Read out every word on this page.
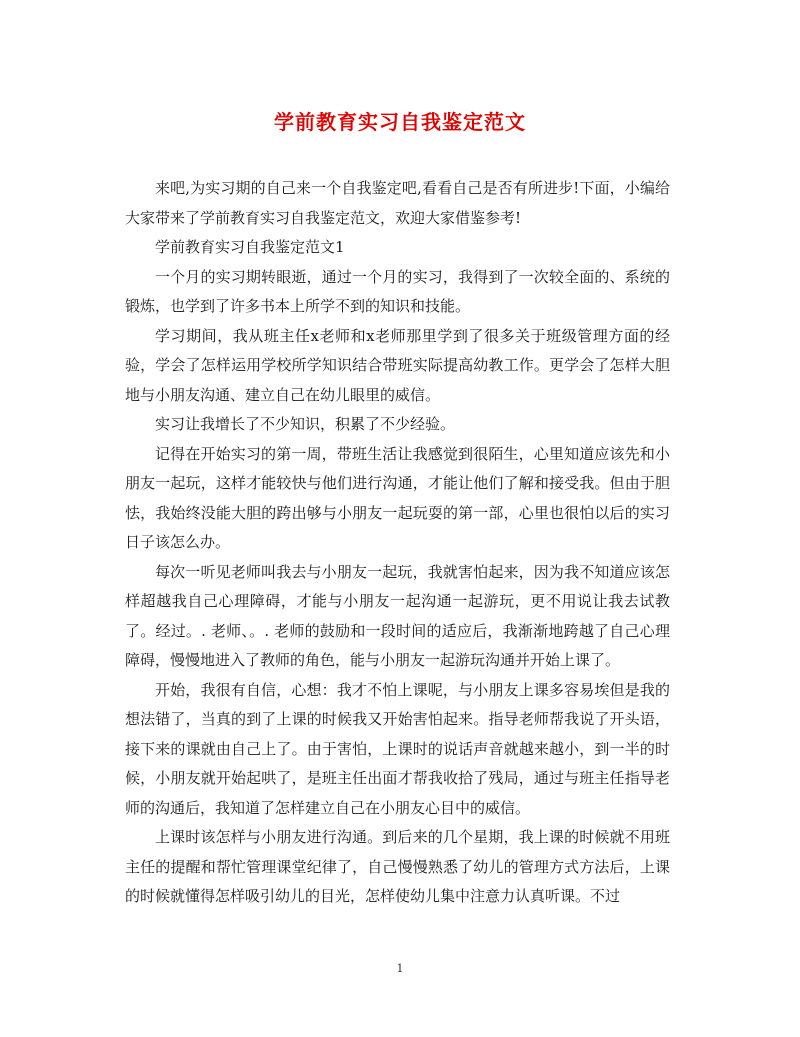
学前教育实习自我鉴定范文

来吧,为实习期的自己来一个自我鉴定吧,看看自己是否有所进步!下面，小编给大家带来了学前教育实习自我鉴定范文，欢迎大家借鉴参考!

学前教育实习自我鉴定范文1

一个月的实习期转眼逝，通过一个月的实习，我得到了一次较全面的、系统的锻炼，也学到了许多书本上所学不到的知识和技能。

学习期间，我从班主任x老师和x老师那里学到了很多关于班级管理方面的经验，学会了怎样运用学校所学知识结合带班实际提高幼教工作。更学会了怎样大胆地与小朋友沟通、建立自己在幼儿眼里的威信。

实习让我增长了不少知识，积累了不少经验。

记得在开始实习的第一周，带班生活让我感觉到很陌生，心里知道应该先和小朋友一起玩，这样才能较快与他们进行沟通，才能让他们了解和接受我。但由于胆怯，我始终没能大胆的跨出够与小朋友一起玩耍的第一部，心里也很怕以后的实习日子该怎么办。

每次一听见老师叫我去与小朋友一起玩，我就害怕起来，因为我不知道应该怎样超越我自己心理障碍，才能与小朋友一起沟通一起游玩，更不用说让我去试教了。经过。. 老师、。. 老师的鼓励和一段时间的适应后，我渐渐地跨越了自己心理障碍，慢慢地进入了教师的角色，能与小朋友一起游玩沟通并开始上课了。

开始，我很有自信，心想：我才不怕上课呢，与小朋友上课多容易埃但是我的想法错了，当真的到了上课的时候我又开始害怕起来。指导老师帮我说了开头语，接下来的课就由自己上了。由于害怕，上课时的说话声音就越来越小，到一半的时候，小朋友就开始起哄了，是班主任出面才帮我收拾了残局，通过与班主任指导老师的沟通后，我知道了怎样建立自己在小朋友心目中的威信。

上课时该怎样与小朋友进行沟通。到后来的几个星期，我上课的时候就不用班主任的提醒和帮忙管理课堂纪律了，自己慢慢熟悉了幼儿的管理方式方法后，上课的时候就懂得怎样吸引幼儿的目光，怎样使幼儿集中注意力认真听课。不过

1
